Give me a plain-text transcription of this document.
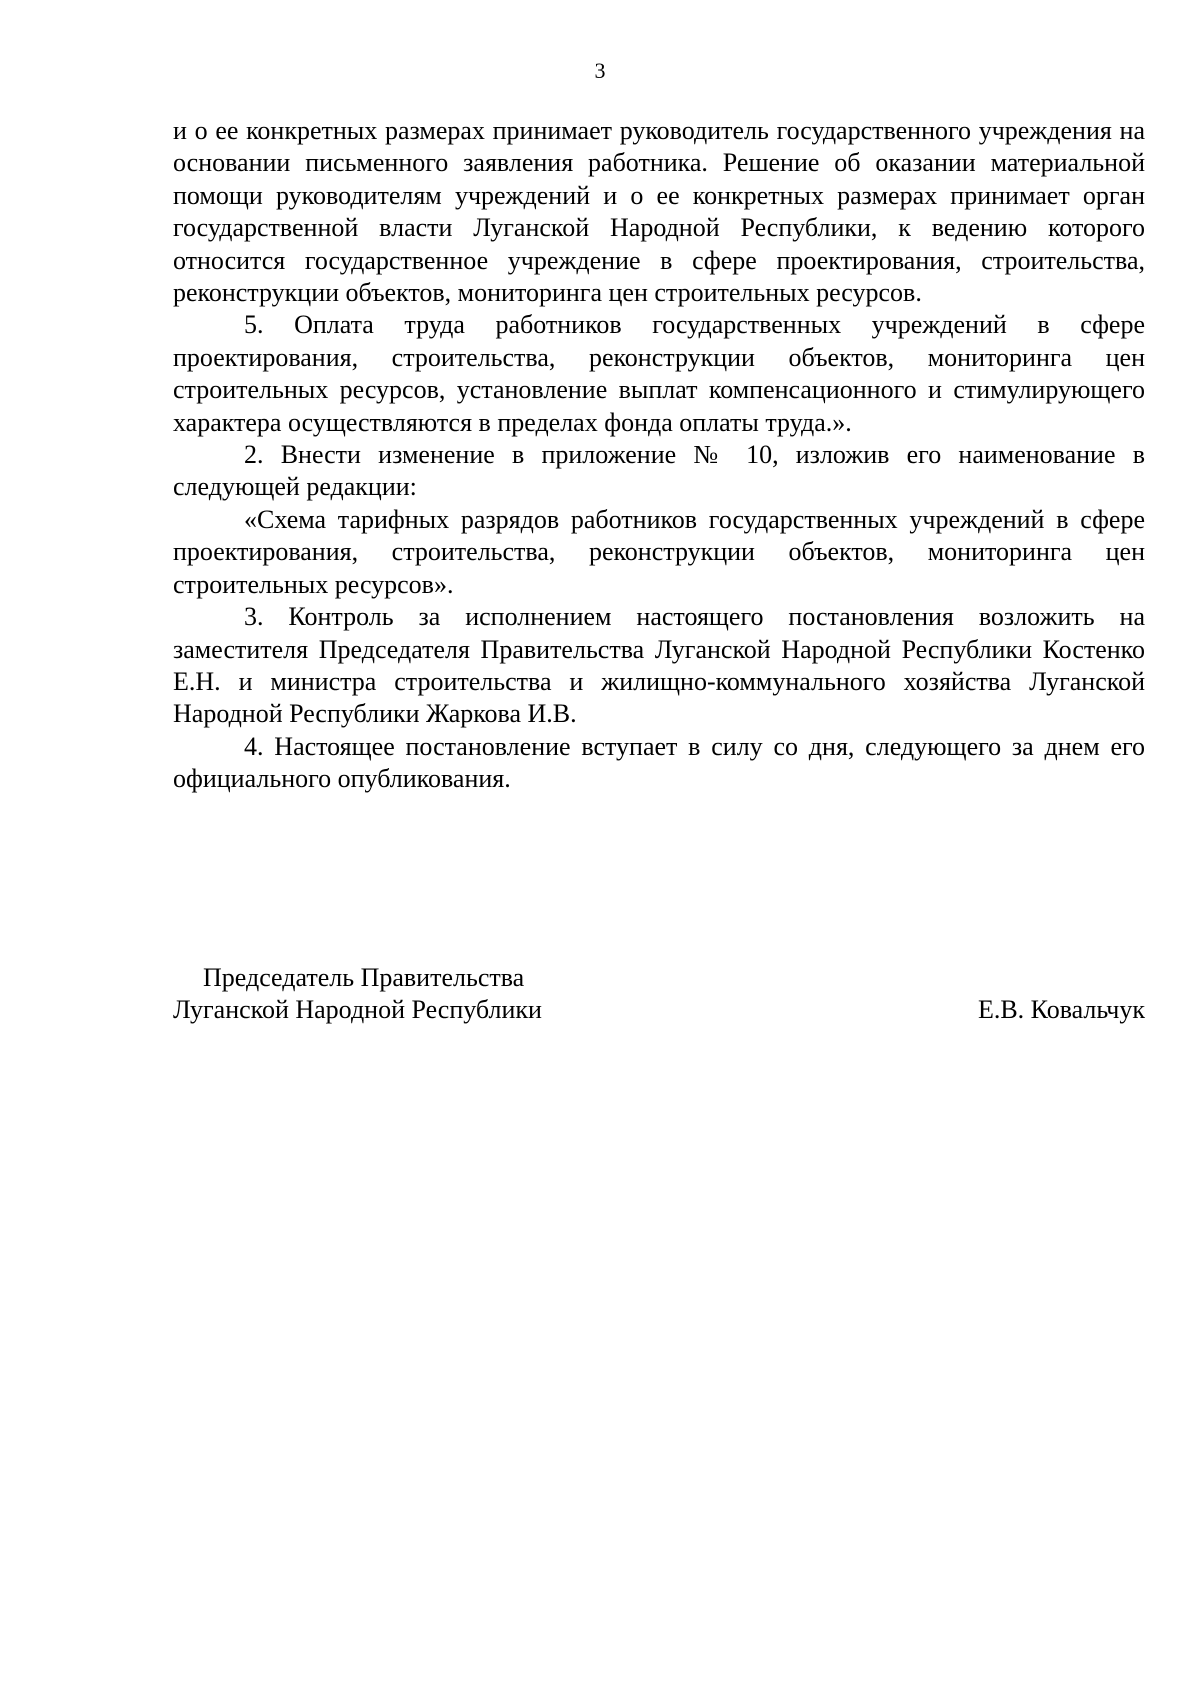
3

и о ее конкретных размерах принимает руководитель государственного учреждения на основании письменного заявления работника. Решение об оказании материальной помощи руководителям учреждений и о ее конкретных размерах принимает орган государственной власти Луганской Народной Республики, к ведению которого относится государственное учреждение в сфере проектирования, строительства, реконструкции объектов, мониторинга цен строительных ресурсов.

5. Оплата труда работников государственных учреждений в сфере проектирования, строительства, реконструкции объектов, мониторинга цен строительных ресурсов, установление выплат компенсационного и стимулирующего характера осуществляются в пределах фонда оплаты труда.».

2. Внести изменение в приложение № 10, изложив его наименование в следующей редакции:

«Схема тарифных разрядов работников государственных учреждений в сфере проектирования, строительства, реконструкции объектов, мониторинга цен строительных ресурсов».

3. Контроль за исполнением настоящего постановления возложить на заместителя Председателя Правительства Луганской Народной Республики Костенко Е.Н. и министра строительства и жилищно-коммунального хозяйства Луганской Народной Республики Жаркова И.В.

4. Настоящее постановление вступает в силу со дня, следующего за днем его официального опубликования.

Председатель Правительства
Луганской Народной Республики	Е.В. Ковальчук
